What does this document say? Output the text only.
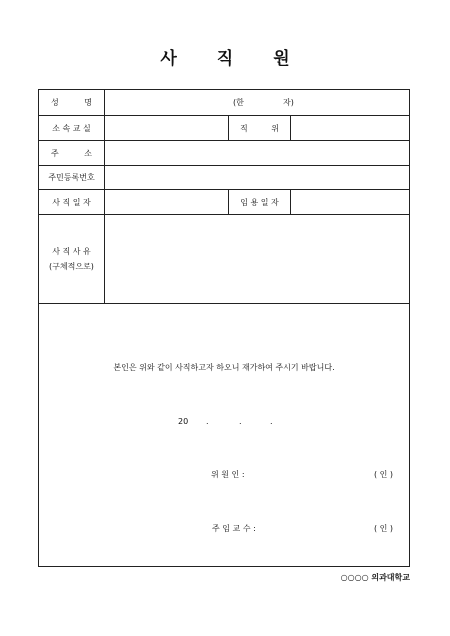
사 직 원
성	명	(한	자)
소 속 교 실	직	위
주	소
주민등록번호
사 직 일 자	임 용 일 자
사 직 사 유
(구체적으로)
본인은 위와 같이 사직하고자 하오니 재가하여 주시기 바랍니다.
20 .	.	.
위 원 인 :	( 인 )
주 임 교 수 :	( 인 )
○○○○ 의과대학교
